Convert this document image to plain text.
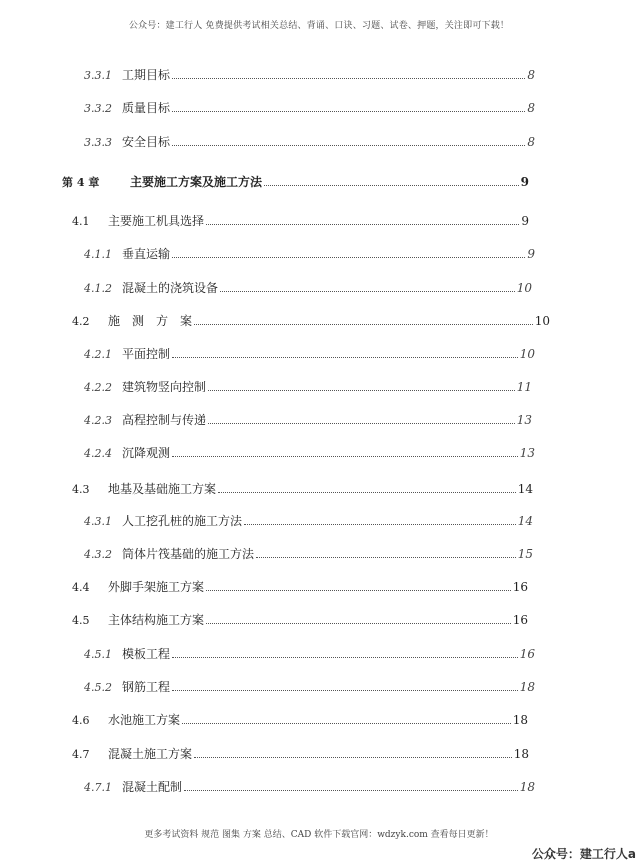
公众号：建工行人 免费提供考试相关总结、背诵、口诀、习题、试卷、押题，关注即可下载！
3.3.1 工期目标	8
3.3.2 质量目标	8
3.3.3 安全目标	8
第 4 章	主要施工方案及施工方法	9
4.1	主要施工机具选择	9
4.1.1 垂直运输	9
4.1.2 混凝土的浇筑设备	10
4.2	施　测　方　案	10
4.2.1 平面控制	10
4.2.2 建筑物竖向控制	11
4.2.3 高程控制与传递	13
4.2.4 沉降观测	13
4.3	地基及基础施工方案	14
4.3.1 人工挖孔桩的施工方法	14
4.3.2 筒体片筏基础的施工方法	15
4.4	外脚手架施工方案	16
4.5	主体结构施工方案	16
4.5.1 模板工程	16
4.5.2 钢筋工程	18
4.6	水池施工方案	18
4.7	混凝土施工方案	18
4.7.1 混凝土配制	18
更多考试资料 规范 图集 方案 总结、CAD 软件下载官网：wdzyk.com 查看每日更新！
公众号：建工行人a
